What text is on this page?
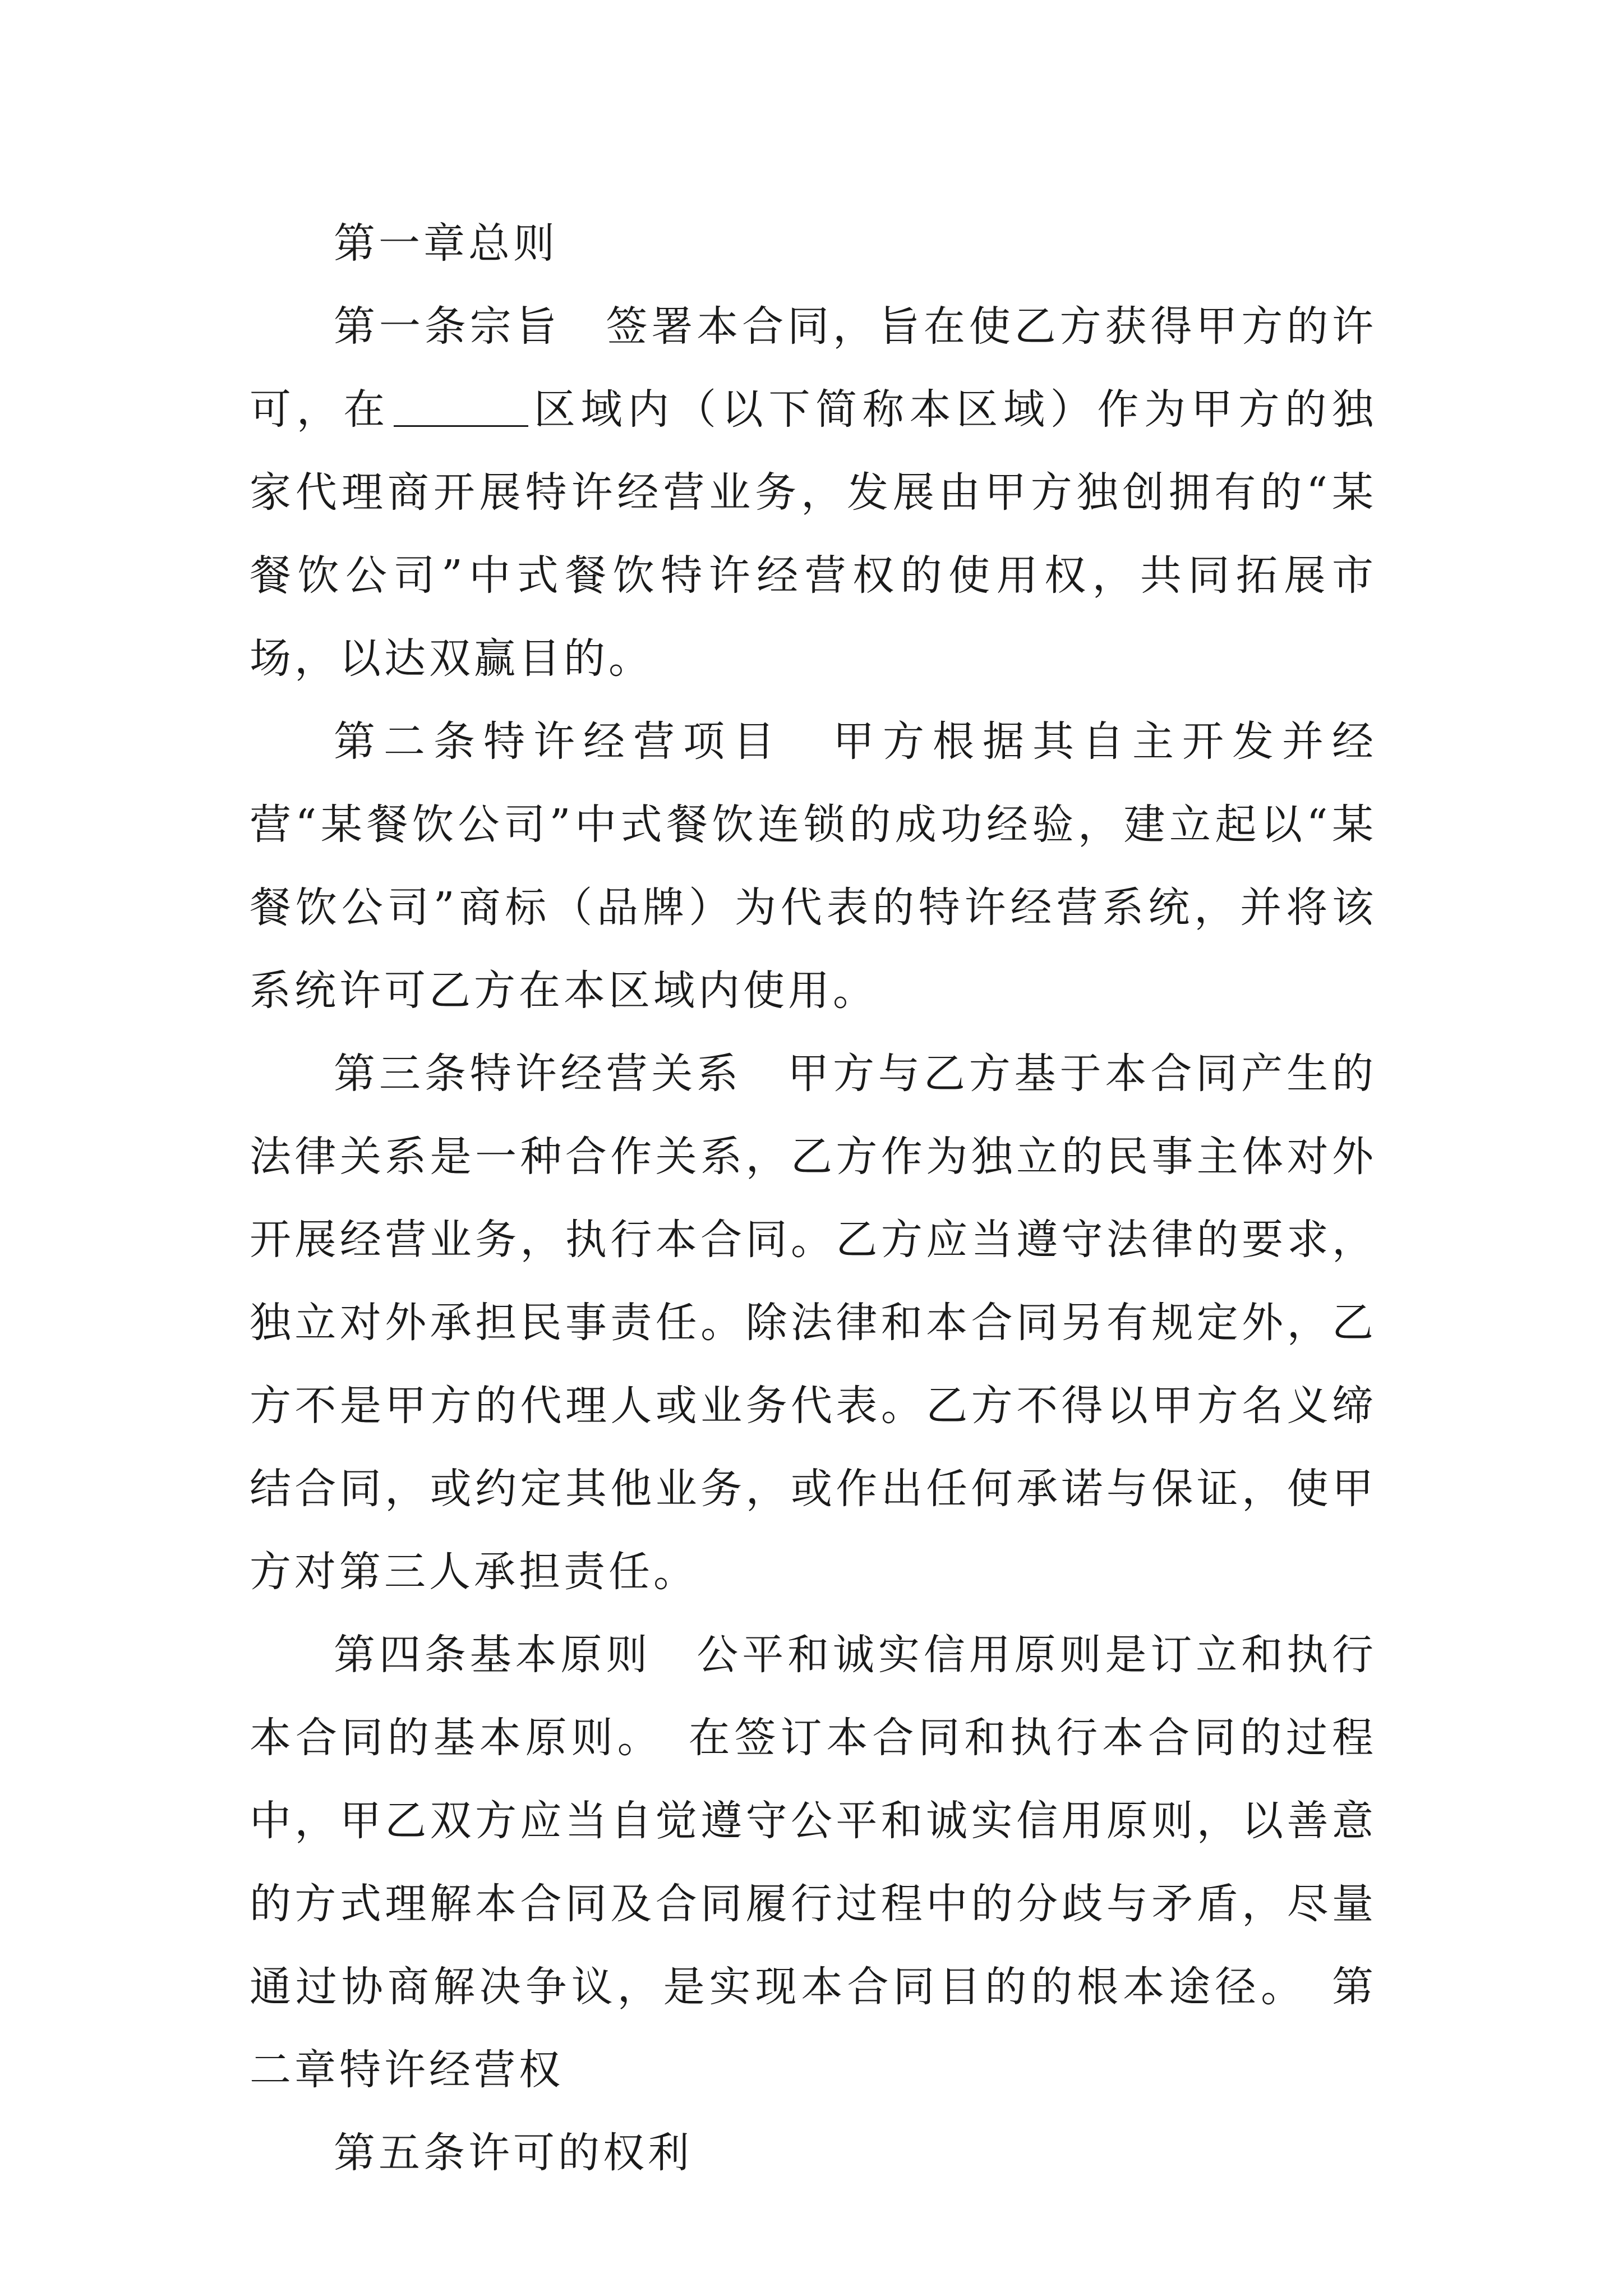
第一章总则

第一条宗旨　 签署本合同，旨在使乙方获得甲方的许可，在	区域内（以下简称本区域）作为甲方的独家代理商开展特许经营业务，发展由甲方独创拥有的“某餐饮公司”中式餐饮特许经营权的使用权，共同拓展市场，以达双赢目的。

第二条特许经营项目　 甲方根据其自主开发并经营“某餐饮公司”中式餐饮连锁的成功经验，建立起以“某餐饮公司”商标（品牌）为代表的特许经营系统，并将该系统许可乙方在本区域内使用。

第三条特许经营关系　 甲方与乙方基于本合同产生的法律关系是一种合作关系，乙方作为独立的民事主体对外开展经营业务，执行本合同。乙方应当遵守法律的要求，独立对外承担民事责任。除法律和本合同另有规定外，乙方不是甲方的代理人或业务代表。乙方不得以甲方名义缔结合同，或约定其他业务，或作出任何承诺与保证，使甲方对第三人承担责任。

第四条基本原则　 公平和诚实信用原则是订立和执行本合同的基本原则。　在签订本合同和执行本合同的过程中，甲乙双方应当自觉遵守公平和诚实信用原则，以善意的方式理解本合同及合同履行过程中的分歧与矛盾，尽量通过协商解决争议，是实现本合同目的的根本途径。　 第二章特许经营权

第五条许可的权利
